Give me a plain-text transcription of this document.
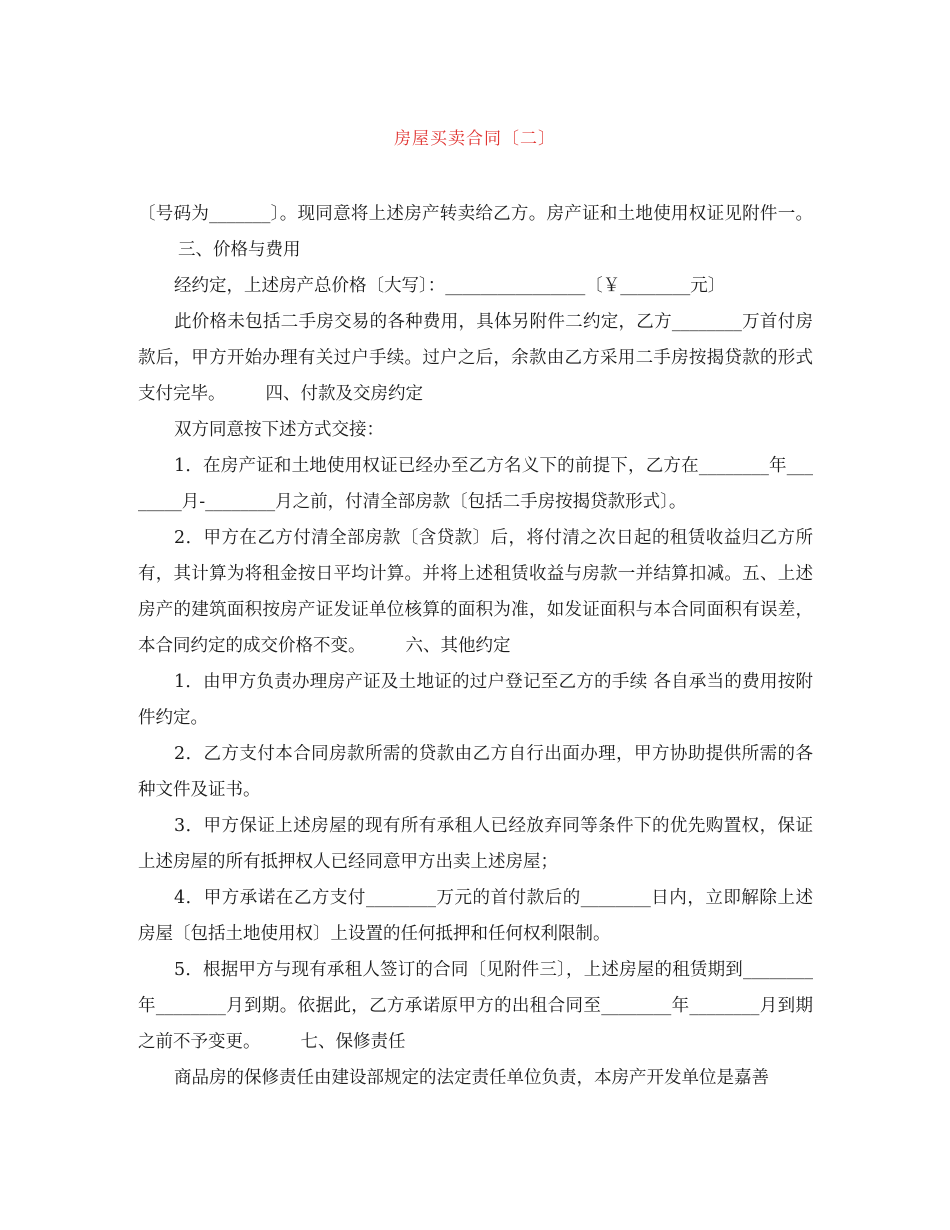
房屋买卖合同〔二〕

〔号码为_______〕。现同意将上述房产转卖给乙方。房产证和土地使用权证见附件一。三、价格与费用

经约定，上述房产总价格〔大写〕：________________〔￥________元〕

此价格未包括二手房交易的各种费用，具体另附件二约定，乙方________万首付房款后，甲方开始办理有关过户手续。过户之后，余款由乙方采用二手房按揭贷款的形式支付完毕。 四、付款及交房约定

双方同意按下述方式交接：

1．在房产证和土地使用权证已经办至乙方名义下的前提下，乙方在________年________月-________月之前，付清全部房款〔包括二手房按揭贷款形式〕。

2．甲方在乙方付清全部房款〔含贷款〕后，将付清之次日起的租赁收益归乙方所有，其计算为将租金按日平均计算。并将上述租赁收益与房款一并结算扣减。五、上述房产的建筑面积按房产证发证单位核算的面积为准，如发证面积与本合同面积有误差，本合同约定的成交价格不变。 六、其他约定

1．由甲方负责办理房产证及土地证的过户登记至乙方的手续 各自承当的费用按附件约定。

2．乙方支付本合同房款所需的贷款由乙方自行出面办理，甲方协助提供所需的各种文件及证书。

3．甲方保证上述房屋的现有所有承租人已经放弃同等条件下的优先购置权，保证上述房屋的所有抵押权人已经同意甲方出卖上述房屋；

4．甲方承诺在乙方支付________万元的首付款后的________日内，立即解除上述房屋〔包括土地使用权〕上设置的任何抵押和任何权利限制。

5．根据甲方与现有承租人签订的合同〔见附件三〕，上述房屋的租赁期到________年________月到期。依据此，乙方承诺原甲方的出租合同至________年________月到期之前不予变更。 七、保修责任

商品房的保修责任由建设部规定的法定责任单位负责，本房产开发单位是嘉善
